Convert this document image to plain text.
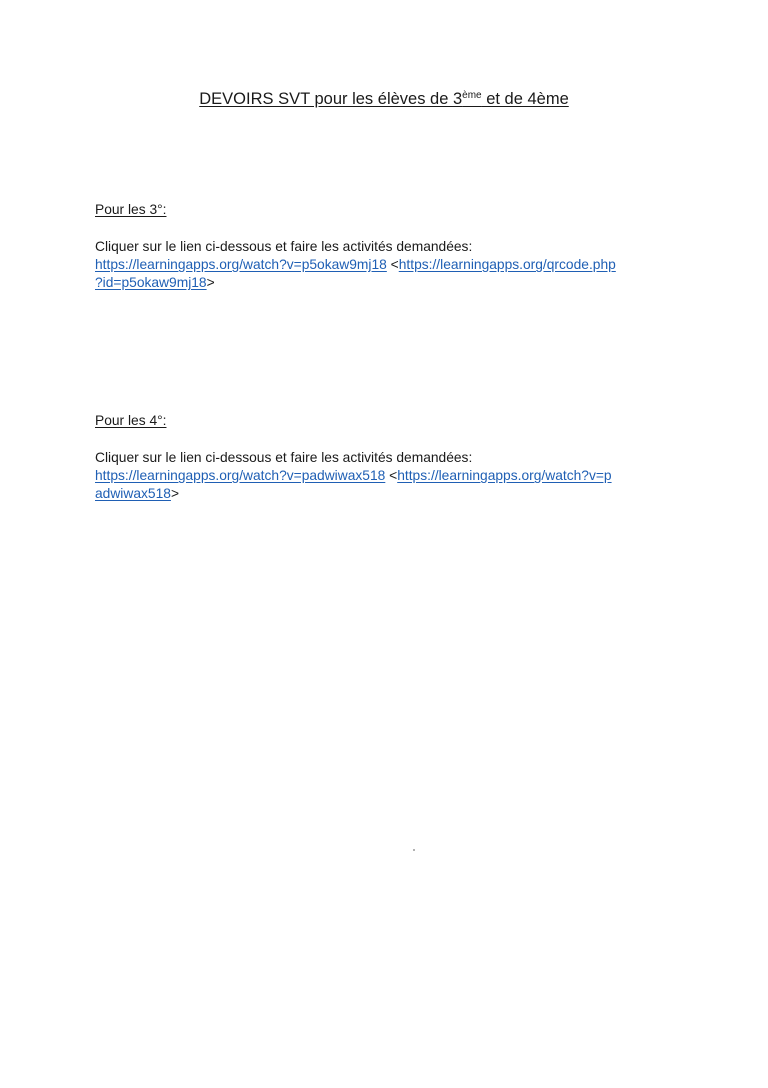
DEVOIRS SVT pour les élèves de 3ème et de 4ème
Pour les 3°:
Cliquer sur le lien ci-dessous et faire les activités demandées:
https://learningapps.org/watch?v=p5okaw9mj18 <https://learningapps.org/qrcode.php
?id=p5okaw9mj18>
Pour les 4°:
Cliquer sur le lien ci-dessous et faire les activités demandées:
https://learningapps.org/watch?v=padwiwax518 <https://learningapps.org/watch?v=p
adwiwax518>
